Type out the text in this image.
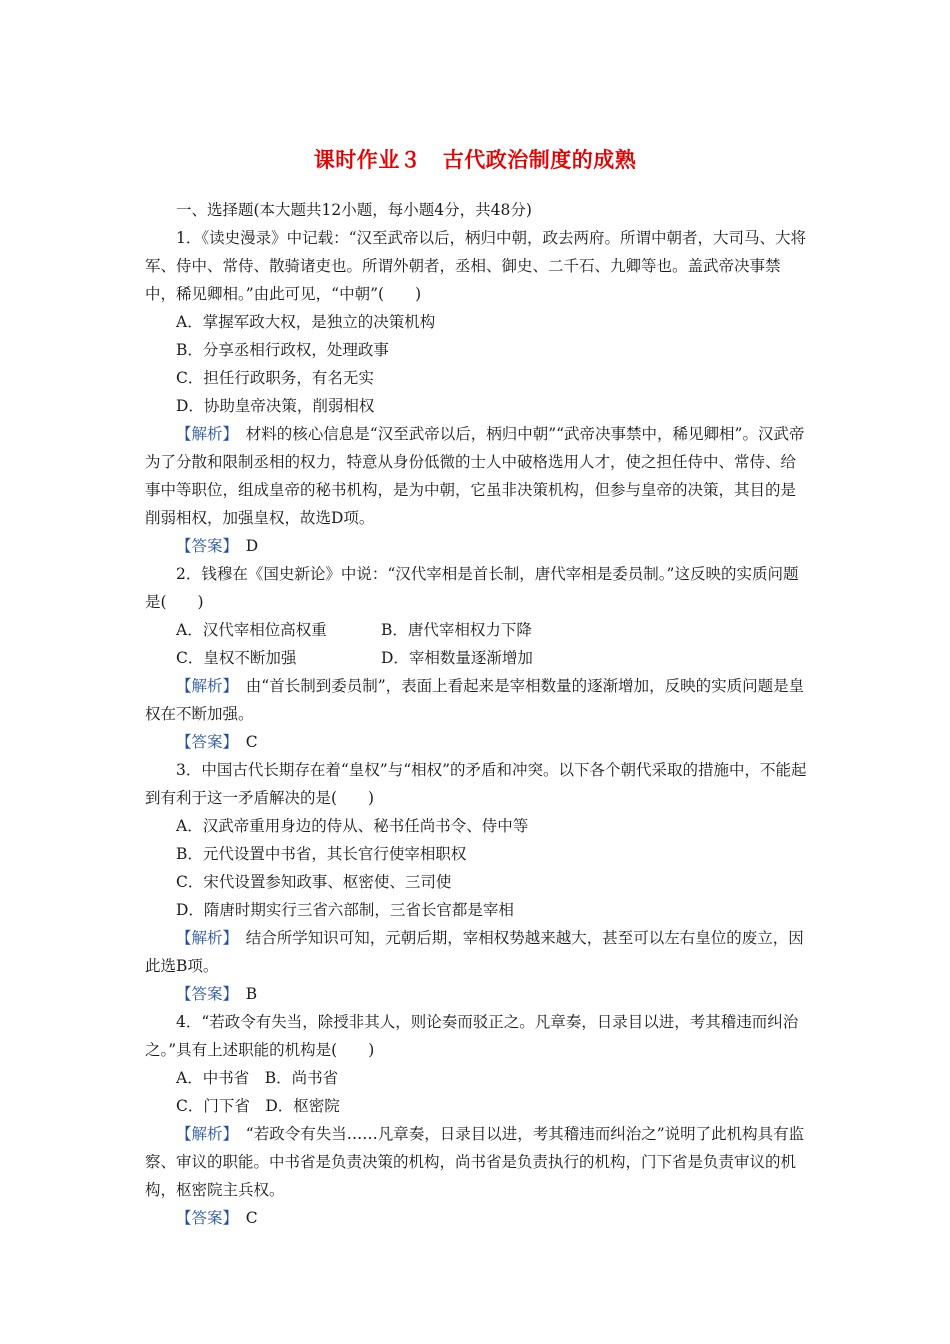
课时作业３　古代政治制度的成熟

一、选择题(本大题共12小题，每小题4分，共48分)

1．《读史漫录》中记载：“汉至武帝以后，柄归中朝，政去两府。所谓中朝者，大司马、大将军、侍中、常侍、散骑诸吏也。所谓外朝者，丞相、御史、二千石、九卿等也。盖武帝决事禁中，稀见卿相。”由此可见，“中朝”(　　)

A．掌握军政大权，是独立的决策机构

B．分享丞相行政权，处理政事

C．担任行政职务，有名无实

D．协助皇帝决策，削弱相权

【解析】　材料的核心信息是“汉至武帝以后，柄归中朝”“武帝决事禁中，稀见卿相”。汉武帝为了分散和限制丞相的权力，特意从身份低微的士人中破格选用人才，使之担任侍中、常侍、给事中等职位，组成皇帝的秘书机构，是为中朝，它虽非决策机构，但参与皇帝的决策，其目的是削弱相权，加强皇权，故选D项。

【答案】　D

2．钱穆在《国史新论》中说：“汉代宰相是首长制，唐代宰相是委员制。”这反映的实质问题是(　　)

A．汉代宰相位高权重	B．唐代宰相权力下降

C．皇权不断加强	D．宰相数量逐渐增加

【解析】　由“首长制到委员制”，表面上看起来是宰相数量的逐渐增加，反映的实质问题是皇权在不断加强。

【答案】　C

3．中国古代长期存在着“皇权”与“相权”的矛盾和冲突。以下各个朝代采取的措施中，不能起到有利于这一矛盾解决的是(　　)

A．汉武帝重用身边的侍从、秘书任尚书令、侍中等

B．元代设置中书省，其长官行使宰相职权

C．宋代设置参知政事、枢密使、三司使

D．隋唐时期实行三省六部制，三省长官都是宰相

【解析】　结合所学知识可知，元朝后期，宰相权势越来越大，甚至可以左右皇位的废立，因此选B项。

【答案】　B

4．“若政令有失当，除授非其人，则论奏而驳正之。凡章奏，日录目以进，考其稽违而纠治之。”具有上述职能的机构是(　　)

A．中书省　B．尚书省

C．门下省　D．枢密院

【解析】　“若政令有失当……凡章奏，日录目以进，考其稽违而纠治之”说明了此机构具有监察、审议的职能。中书省是负责决策的机构，尚书省是负责执行的机构，门下省是负责审议的机构，枢密院主兵权。

【答案】　C
